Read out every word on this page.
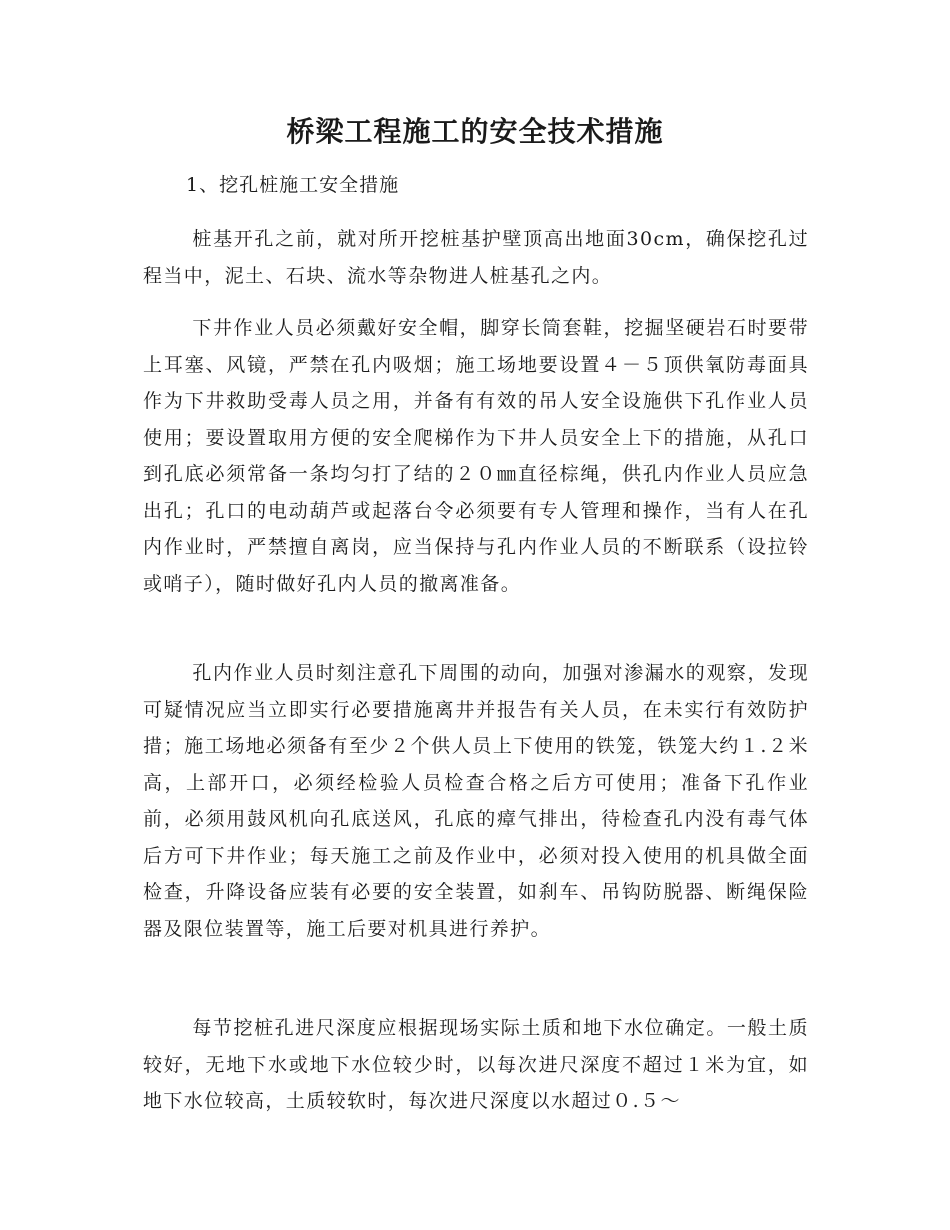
桥梁工程施工的安全技术措施

1、挖孔桩施工安全措施

桩基开孔之前，就对所开挖桩基护壁顶高出地面30cm，确保挖孔过程当中，泥土、石块、流水等杂物进人桩基孔之内。

下井作业人员必须戴好安全帽，脚穿长筒套鞋，挖掘坚硬岩石时要带上耳塞、风镜，严禁在孔内吸烟；施工场地要设置４－５顶供氧防毒面具作为下井救助受毒人员之用，并备有有效的吊人安全设施供下孔作业人员使用；要设置取用方便的安全爬梯作为下井人员安全上下的措施，从孔口到孔底必须常备一条均匀打了结的２０㎜直径棕绳，供孔内作业人员应急出孔；孔口的电动葫芦或起落台令必须要有专人管理和操作，当有人在孔内作业时，严禁擅自离岗，应当保持与孔内作业人员的不断联系（设拉铃或哨子），随时做好孔内人员的撤离准备。

孔内作业人员时刻注意孔下周围的动向，加强对渗漏水的观察，发现可疑情况应当立即实行必要措施离井并报告有关人员，在未实行有效防护措；施工场地必须备有至少２个供人员上下使用的铁笼，铁笼大约１.２米高，上部开口，必须经检验人员检查合格之后方可使用；准备下孔作业前，必须用鼓风机向孔底送风，孔底的瘴气排出，待检查孔内没有毒气体后方可下井作业；每天施工之前及作业中，必须对投入使用的机具做全面检查，升降设备应装有必要的安全装置，如刹车、吊钩防脱器、断绳保险器及限位装置等，施工后要对机具进行养护。

每节挖桩孔进尺深度应根据现场实际土质和地下水位确定。一般土质较好，无地下水或地下水位较少时，以每次进尺深度不超过１米为宜，如地下水位较高，土质较软时，每次进尺深度以水超过０.５～
